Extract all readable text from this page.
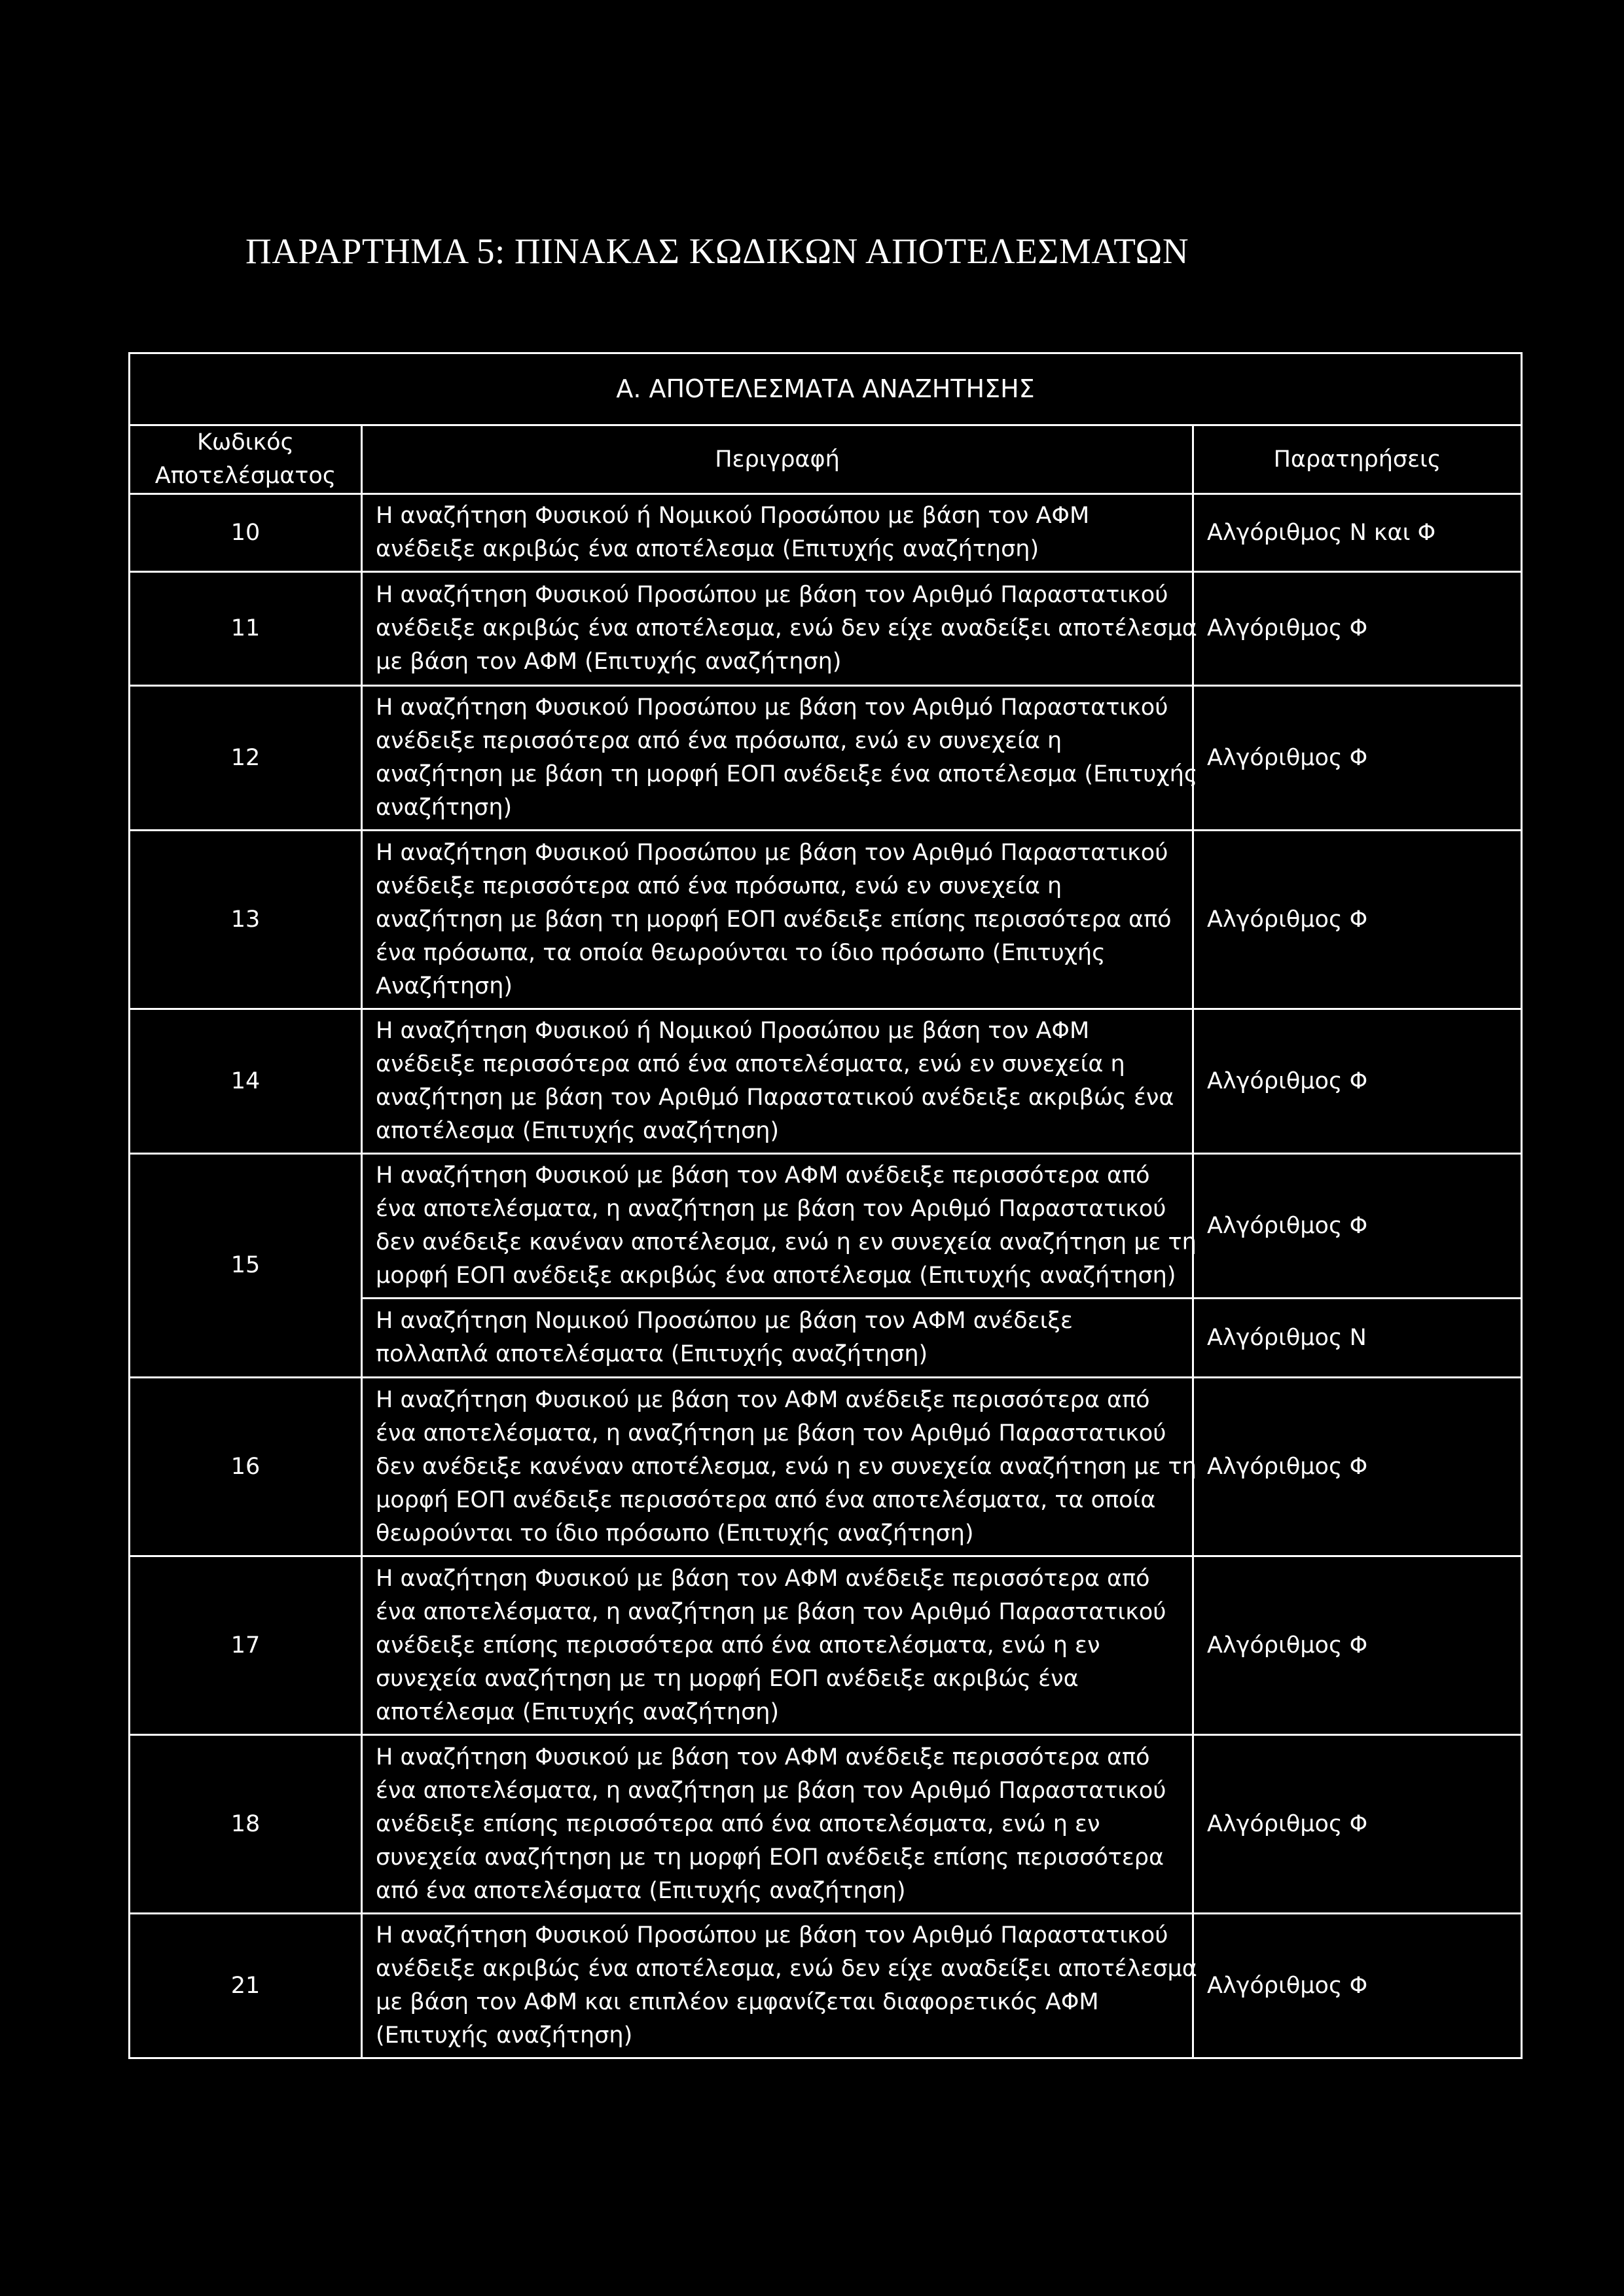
ΠΑΡΑΡΤΗΜΑ 5: ΠΙΝΑΚΑΣ ΚΩΔΙΚΩΝ ΑΠΟΤΕΛΕΣΜΑΤΩΝ
Α. ΑΠΟΤΕΛΕΣΜΑΤΑ ΑΝΑΖΗΤΗΣΗΣ		

Κωδικός
Αποτελέσματος	Περιγραφή	Παρατηρήσεις
10	Η αναζήτηση Φυσικού ή Νομικού Προσώπου με βάση τον ΑΦΜ
ανέδειξε ακριβώς ένα αποτέλεσμα (Επιτυχής αναζήτηση)	Αλγόριθμος Ν και Φ
11	Η αναζήτηση Φυσικού Προσώπου με βάση τον Αριθμό Παραστατικού
ανέδειξε ακριβώς ένα αποτέλεσμα, ενώ δεν είχε αναδείξει αποτέλεσμα
με βάση τον ΑΦΜ (Επιτυχής αναζήτηση)	Αλγόριθμος Φ
12	Η αναζήτηση Φυσικού Προσώπου με βάση τον Αριθμό Παραστατικού
ανέδειξε περισσότερα από ένα πρόσωπα, ενώ εν συνεχεία η
αναζήτηση με βάση τη μορφή ΕΟΠ ανέδειξε ένα αποτέλεσμα (Επιτυχής
αναζήτηση)	Αλγόριθμος Φ
13	Η αναζήτηση Φυσικού Προσώπου με βάση τον Αριθμό Παραστατικού
ανέδειξε περισσότερα από ένα πρόσωπα, ενώ εν συνεχεία η
αναζήτηση με βάση τη μορφή ΕΟΠ ανέδειξε επίσης περισσότερα από
ένα πρόσωπα, τα οποία θεωρούνται το ίδιο πρόσωπο (Επιτυχής
Αναζήτηση)	Αλγόριθμος Φ
14	Η αναζήτηση Φυσικού ή Νομικού Προσώπου με βάση τον ΑΦΜ
ανέδειξε περισσότερα από ένα αποτελέσματα, ενώ εν συνεχεία η
αναζήτηση με βάση τον Αριθμό Παραστατικού ανέδειξε ακριβώς ένα
αποτέλεσμα (Επιτυχής αναζήτηση)	Αλγόριθμος Φ
15	Η αναζήτηση Φυσικού με βάση τον ΑΦΜ ανέδειξε περισσότερα από
ένα αποτελέσματα, η αναζήτηση με βάση τον Αριθμό Παραστατικού
δεν ανέδειξε κανέναν αποτέλεσμα, ενώ η εν συνεχεία αναζήτηση με τη
μορφή ΕΟΠ ανέδειξε ακριβώς ένα αποτέλεσμα (Επιτυχής αναζήτηση)	Αλγόριθμος Φ

	Η αναζήτηση Νομικού Προσώπου με βάση τον ΑΦΜ ανέδειξε
πολλαπλά αποτελέσματα (Επιτυχής αναζήτηση)	Αλγόριθμος Ν
16	Η αναζήτηση Φυσικού με βάση τον ΑΦΜ ανέδειξε περισσότερα από
ένα αποτελέσματα, η αναζήτηση με βάση τον Αριθμό Παραστατικού
δεν ανέδειξε κανέναν αποτέλεσμα, ενώ η εν συνεχεία αναζήτηση με τη
μορφή ΕΟΠ ανέδειξε περισσότερα από ένα αποτελέσματα, τα οποία
θεωρούνται το ίδιο πρόσωπο (Επιτυχής αναζήτηση)	Αλγόριθμος Φ
17	Η αναζήτηση Φυσικού με βάση τον ΑΦΜ ανέδειξε περισσότερα από
ένα αποτελέσματα, η αναζήτηση με βάση τον Αριθμό Παραστατικού
ανέδειξε επίσης περισσότερα από ένα αποτελέσματα, ενώ η εν
συνεχεία αναζήτηση με τη μορφή ΕΟΠ ανέδειξε ακριβώς ένα
αποτέλεσμα (Επιτυχής αναζήτηση)	Αλγόριθμος Φ
18	Η αναζήτηση Φυσικού με βάση τον ΑΦΜ ανέδειξε περισσότερα από
ένα αποτελέσματα, η αναζήτηση με βάση τον Αριθμό Παραστατικού
ανέδειξε επίσης περισσότερα από ένα αποτελέσματα, ενώ η εν
συνεχεία αναζήτηση με τη μορφή ΕΟΠ ανέδειξε επίσης περισσότερα
από ένα αποτελέσματα (Επιτυχής αναζήτηση)	Αλγόριθμος Φ
21	Η αναζήτηση Φυσικού Προσώπου με βάση τον Αριθμό Παραστατικού
ανέδειξε ακριβώς ένα αποτέλεσμα, ενώ δεν είχε αναδείξει αποτέλεσμα
με βάση τον ΑΦΜ και επιπλέον εμφανίζεται διαφορετικός ΑΦΜ
(Επιτυχής αναζήτηση)	Αλγόριθμος Φ
